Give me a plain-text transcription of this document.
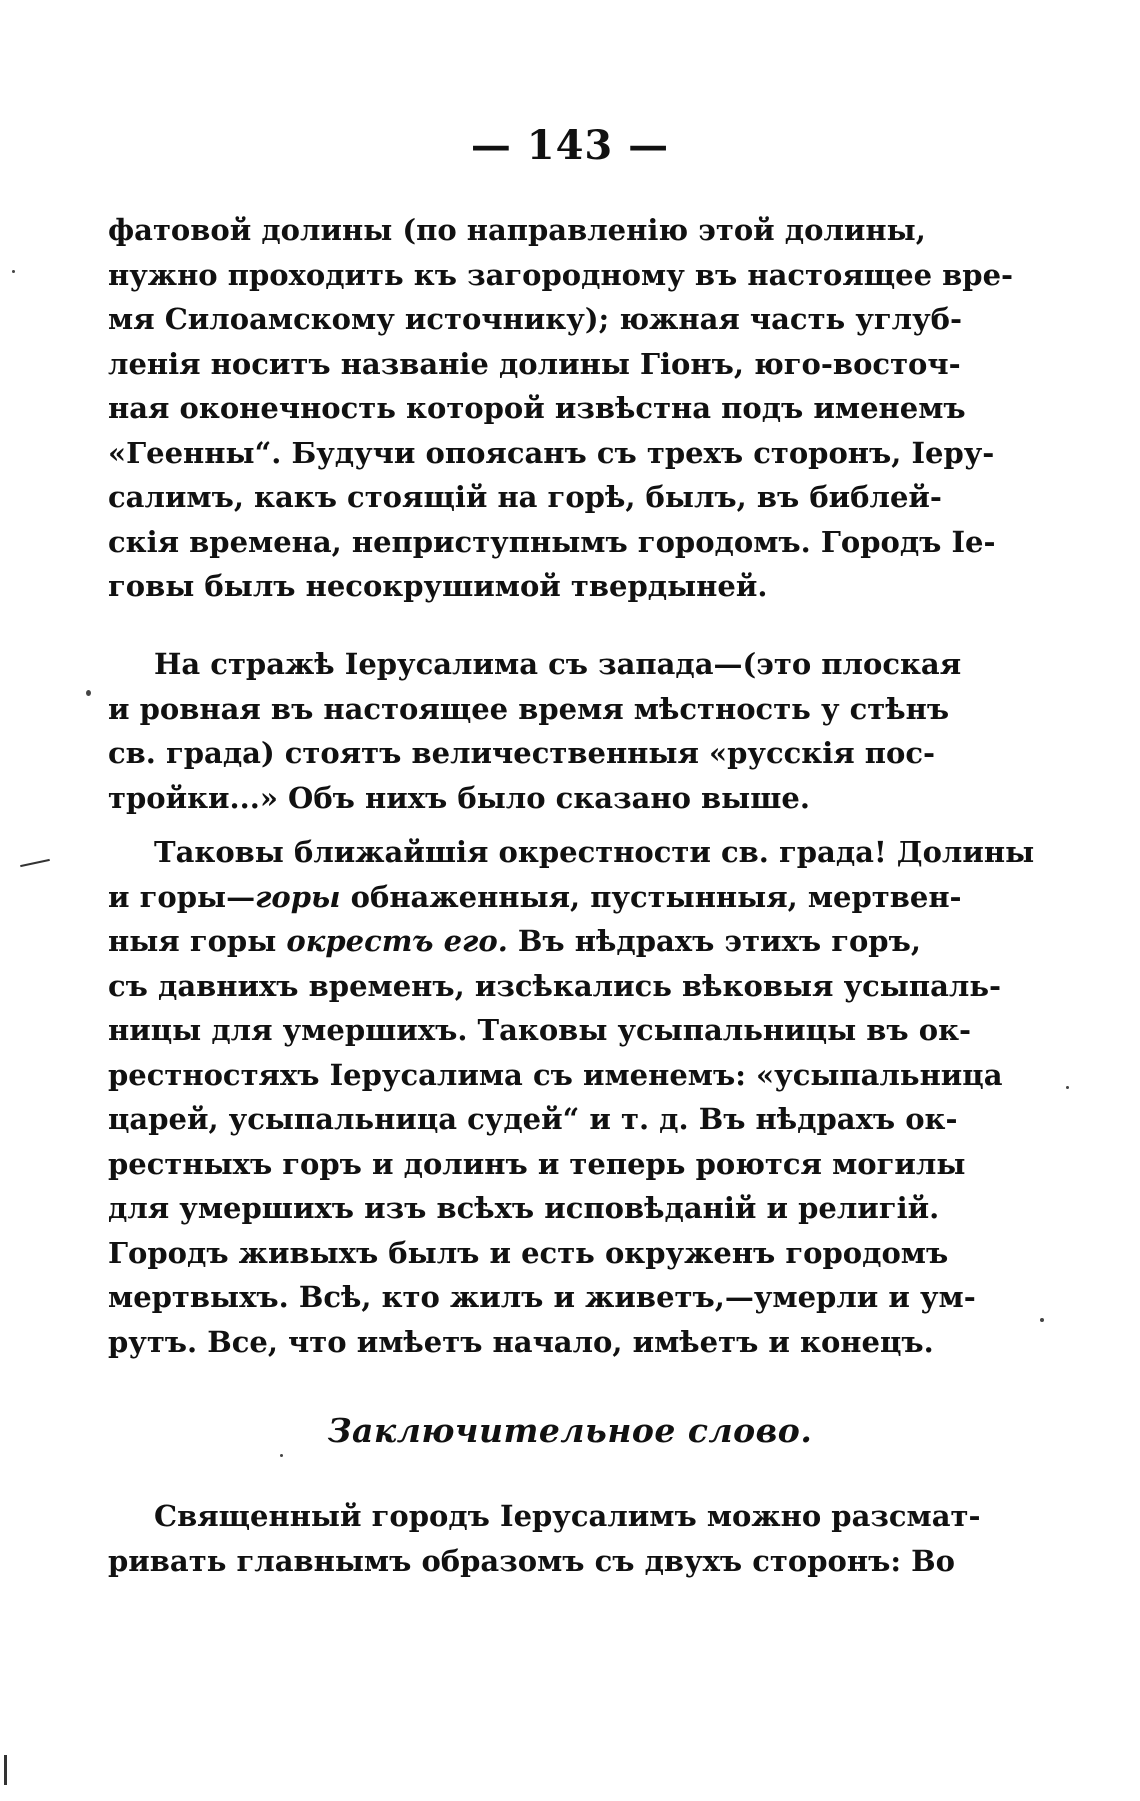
— 143 —
фатовой долины (по направленію этой долины,
нужно проходить къ загородному въ настоящее вре-
мя Силоамскому источнику); южная часть углуб-
ленія носитъ названіе долины Гіонъ, юго-восточ-
ная оконечность которой извѣстна подъ именемъ
«Геенны“. Будучи опоясанъ съ трехъ сторонъ, Іеру-
салимъ, какъ стоящій на горѣ, былъ, въ библей-
скія времена, неприступнымъ городомъ. Городъ Іе-
говы былъ несокрушимой твердыней.
На стражѣ Іерусалима съ запада—(это плоская
и ровная въ настоящее время мѣстность у стѣнъ
св. града) стоятъ величественныя «русскія пос-
тройки...» Объ нихъ было сказано выше.
Таковы ближайшія окрестности св. града! Долины
и горы—горы обнаженныя, пустынныя, мертвен-
ныя горы окрестъ его. Въ нѣдрахъ этихъ горъ,
съ давнихъ временъ, изсѣкались вѣковыя усыпаль-
ницы для умершихъ. Таковы усыпальницы въ ок-
рестностяхъ Іерусалима съ именемъ: «усыпальница
царей, усыпальница судей“ и т. д. Въ нѣдрахъ ок-
рестныхъ горъ и долинъ и теперь роются могилы
для умершихъ изъ всѣхъ исповѣданій и религій.
Городъ живыхъ былъ и есть окруженъ городомъ
мертвыхъ. Всѣ, кто жилъ и живетъ,—умерли и ум-
рутъ. Все, что имѣетъ начало, имѣетъ и конецъ.
Заключительное слово.
Священный городъ Іерусалимъ можно разсмат-
ривать главнымъ образомъ съ двухъ сторонъ: Во
